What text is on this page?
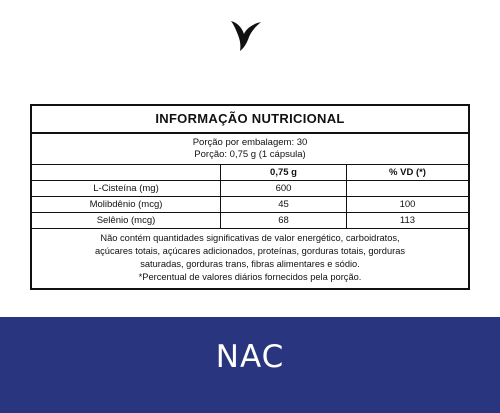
INFORMAÇÃO NUTRICIONAL
Porção por embalagem: 30
Porção: 0,75 g (1 cápsula)
	0,75 g	% VD (*)
L-Cisteína (mg)	600	
Molibdênio (mcg)	45	100
Selênio (mcg)	68	113
Não contém quantidades significativas de valor energético, carboidratos,
açúcares totais, açúcares adicionados, proteínas, gorduras totais, gorduras
saturadas, gorduras trans, fibras alimentares e sódio.
*Percentual de valores diários fornecidos pela porção.
NAC
